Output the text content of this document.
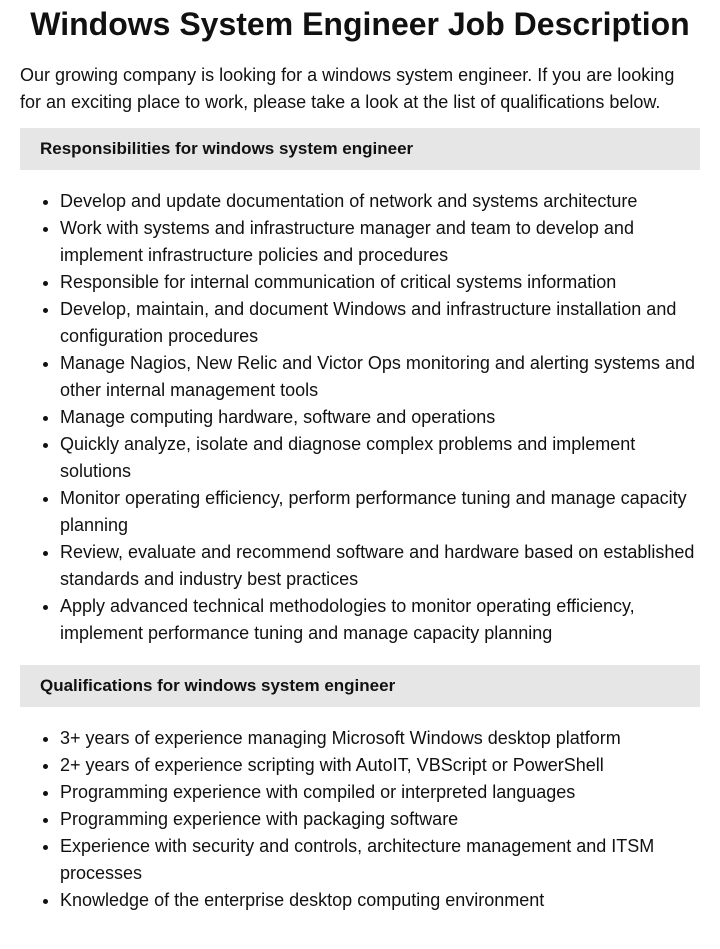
Windows System Engineer Job Description

Our growing company is looking for a windows system engineer. If you are looking for an exciting place to work, please take a look at the list of qualifications below.

Responsibilities for windows system engineer
• Develop and update documentation of network and systems architecture
• Work with systems and infrastructure manager and team to develop and implement infrastructure policies and procedures
• Responsible for internal communication of critical systems information
• Develop, maintain, and document Windows and infrastructure installation and configuration procedures
• Manage Nagios, New Relic and Victor Ops monitoring and alerting systems and other internal management tools
• Manage computing hardware, software and operations
• Quickly analyze, isolate and diagnose complex problems and implement solutions
• Monitor operating efficiency, perform performance tuning and manage capacity planning
• Review, evaluate and recommend software and hardware based on established standards and industry best practices
• Apply advanced technical methodologies to monitor operating efficiency, implement performance tuning and manage capacity planning
Qualifications for windows system engineer
• 3+ years of experience managing Microsoft Windows desktop platform
• 2+ years of experience scripting with AutoIT, VBScript or PowerShell
• Programming experience with compiled or interpreted languages
• Programming experience with packaging software
• Experience with security and controls, architecture management and ITSM processes
• Knowledge of the enterprise desktop computing environment
